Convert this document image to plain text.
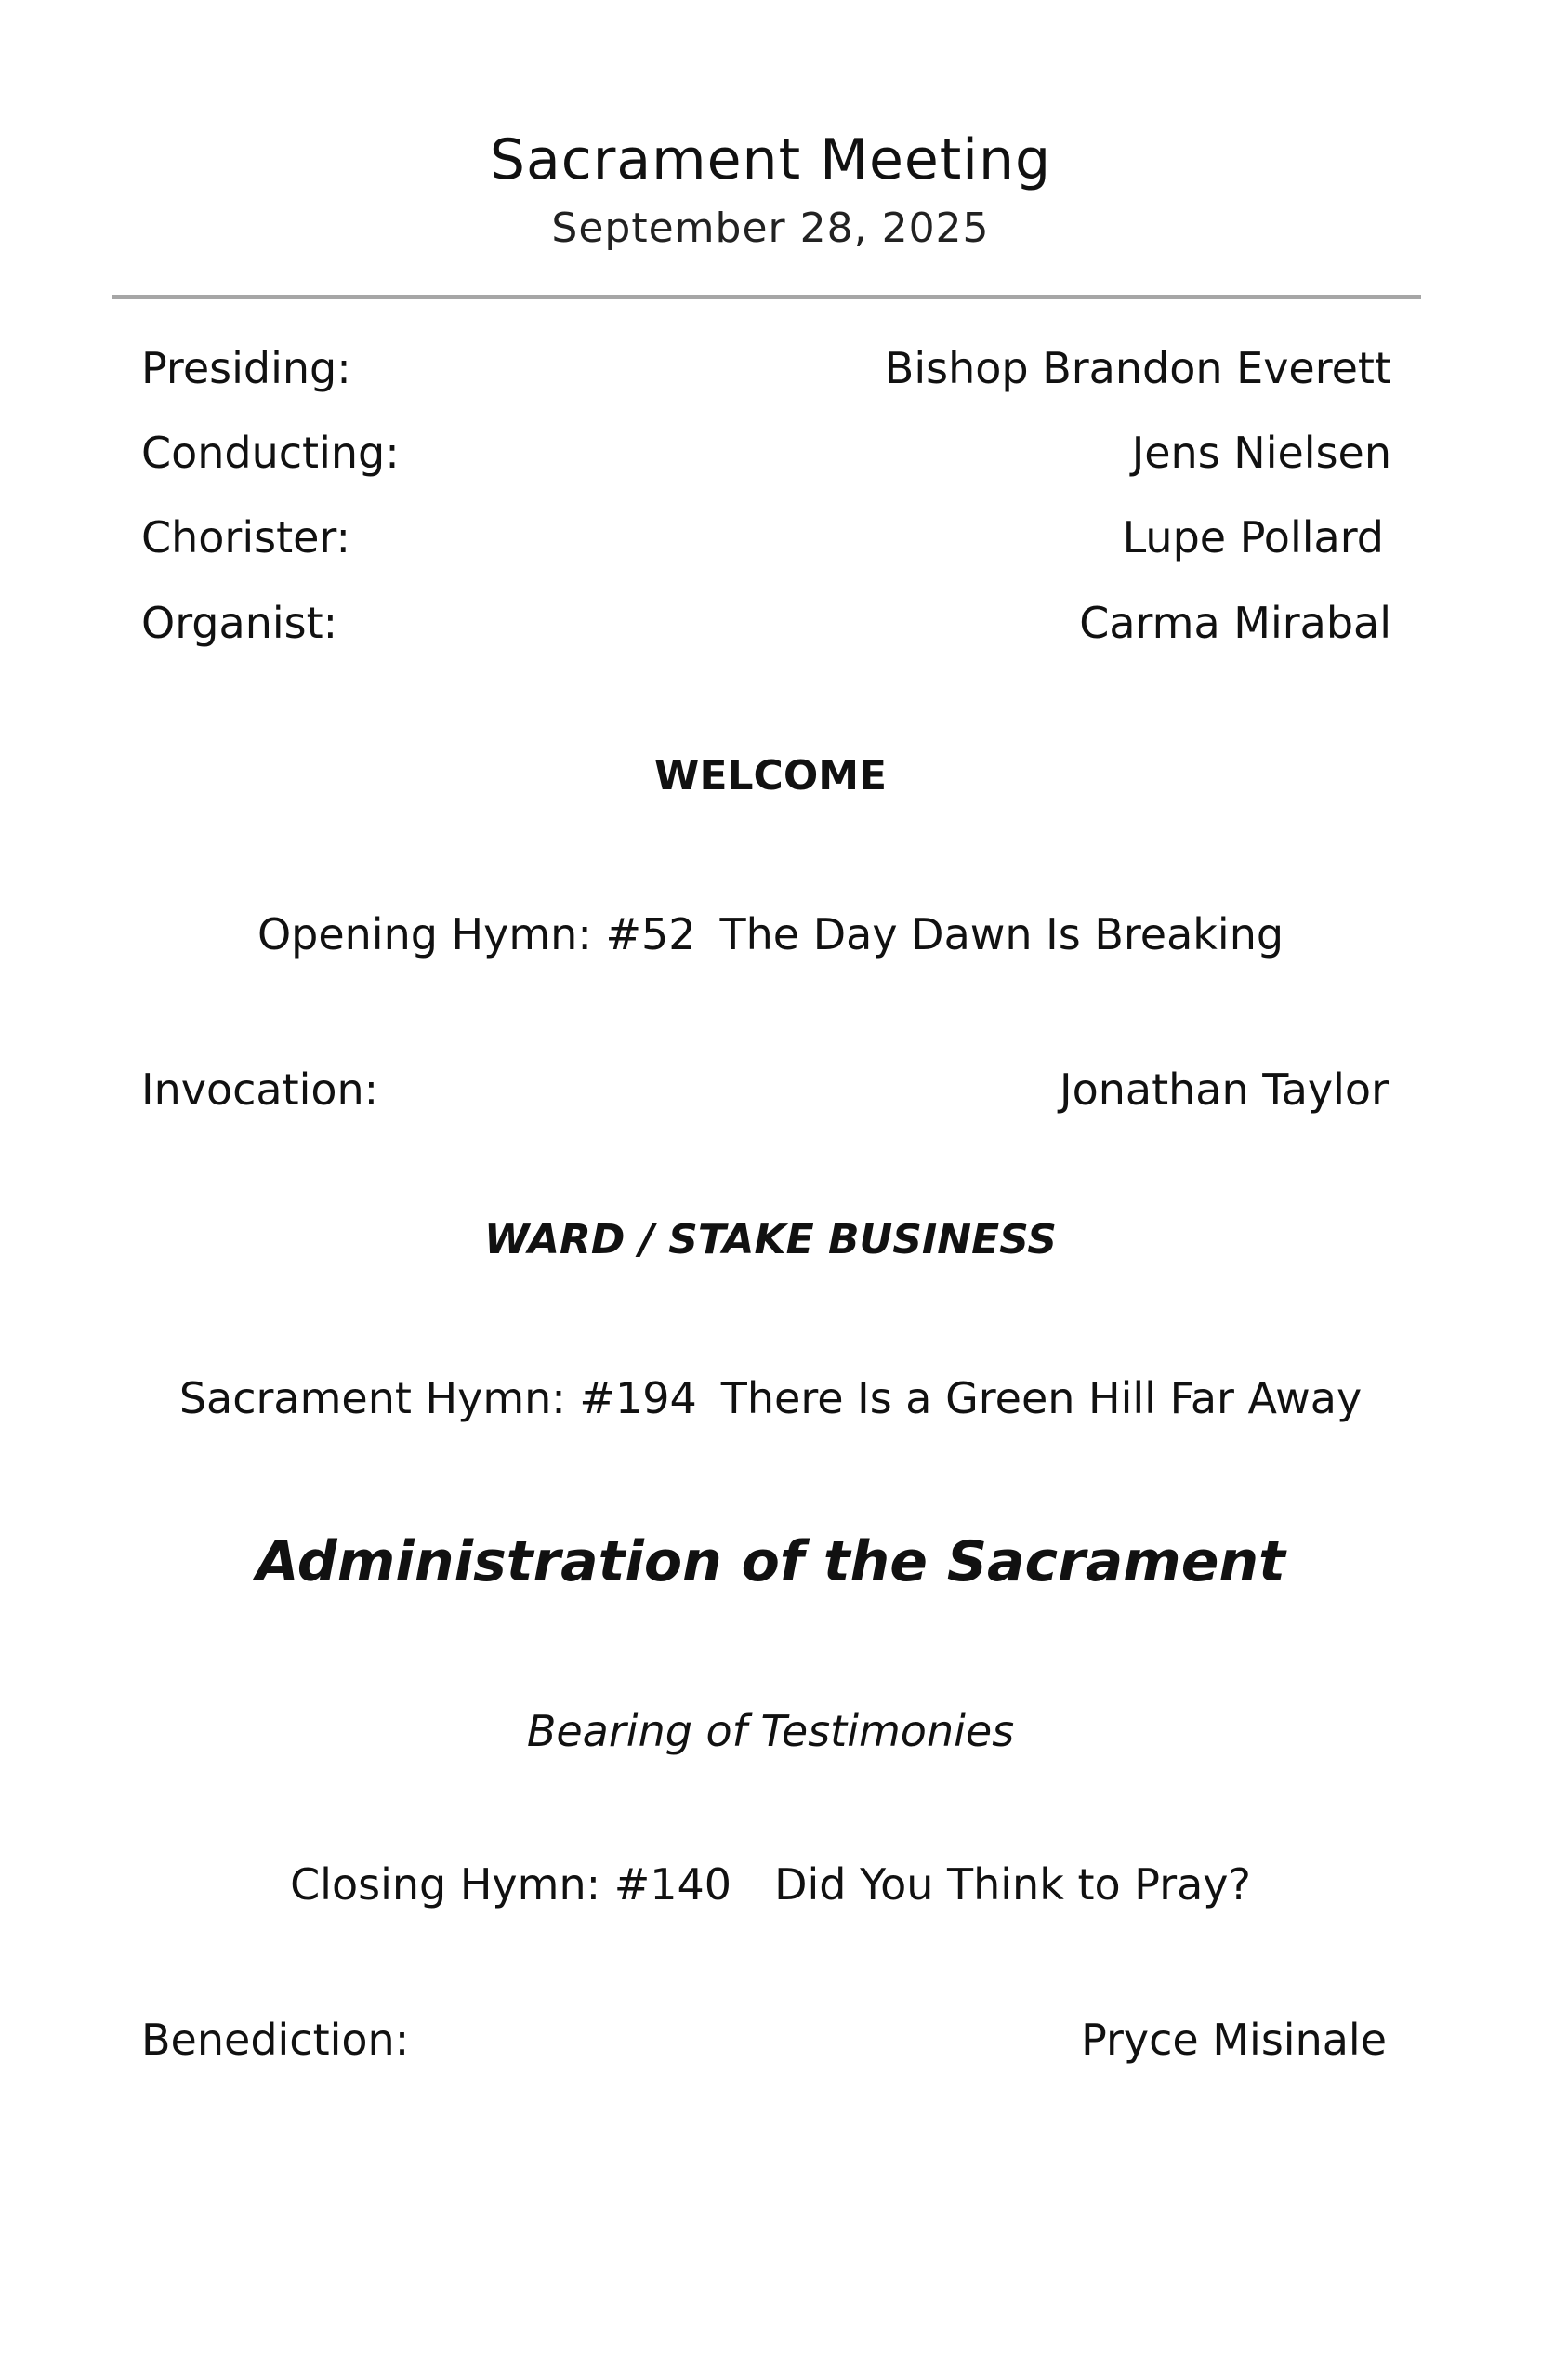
Sacrament Meeting
September 28, 2025
Presiding:	Bishop Brandon Everett
Conducting:	Jens Nielsen
Chorister:	Lupe Pollard
Organist:	Carma Mirabal
WELCOME
Opening Hymn: #52 The Day Dawn Is Breaking
Invocation:	Jonathan Taylor
WARD / STAKE BUSINESS
Sacrament Hymn: #194 There Is a Green Hill Far Away
Administration of the Sacrament
Bearing of Testimonies
Closing Hymn: #140 Did You Think to Pray?
Benediction:	Pryce Misinale
